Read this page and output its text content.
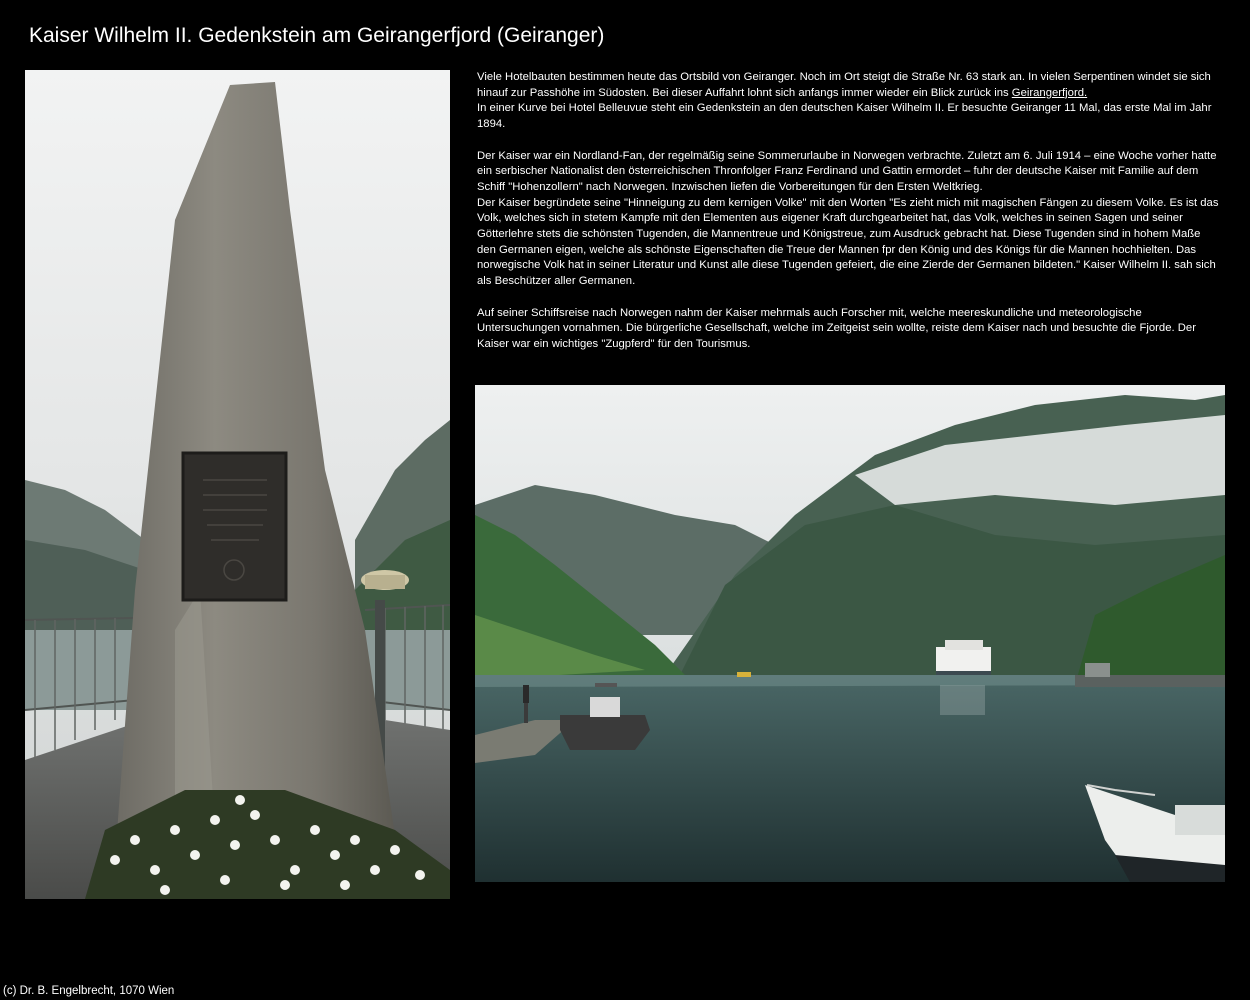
Kaiser Wilhelm II. Gedenkstein am Geirangerfjord (Geiranger)

Viele Hotelbauten bestimmen heute das Ortsbild von Geiranger. Noch im Ort steigt die Straße Nr. 63 stark an. In vielen Serpentinen windet sie sich hinauf zur Passhöhe im Südosten. Bei dieser Auffahrt lohnt sich anfangs immer wieder ein Blick zurück ins Geirangerfjord.

In einer Kurve bei Hotel Belleuvue steht ein Gedenkstein an den deutschen Kaiser Wilhelm II. Er besuchte Geiranger 11 Mal, das erste Mal im Jahr 1894.

Der Kaiser war ein Nordland-Fan, der regelmäßig seine Sommerurlaube in Norwegen verbrachte. Zuletzt am 6. Juli 1914 – eine Woche vorher hatte ein serbischer Nationalist den österreichischen Thronfolger Franz Ferdinand und Gattin ermordet – fuhr der deutsche Kaiser mit Familie auf dem Schiff "Hohenzollern" nach Norwegen. Inzwischen liefen die Vorbereitungen für den Ersten Weltkrieg.

Der Kaiser begründete seine "Hinneigung zu dem kernigen Volke" mit den Worten "Es zieht mich mit magischen Fängen zu diesem Volke. Es ist das Volk, welches sich in stetem Kampfe mit den Elementen aus eigener Kraft durchgearbeitet hat, das Volk, welches in seinen Sagen und seiner Götterlehre stets die schönsten Tugenden, die Mannentreue und Königstreue, zum Ausdruck gebracht hat. Diese Tugenden sind in hohem Maße den Germanen eigen, welche als schönste Eigenschaften die Treue der Mannen fpr den König und des Königs für die Mannen hochhielten. Das norwegische Volk hat in seiner Literatur und Kunst alle diese Tugenden gefeiert, die eine Zierde der Germanen bildeten." Kaiser Wilhelm II. sah sich als Beschützer aller Germanen.

Auf seiner Schiffsreise nach Norwegen nahm der Kaiser mehrmals auch Forscher mit, welche meereskundliche und meteorologische Untersuchungen vornahmen. Die bürgerliche Gesellschaft, welche im Zeitgeist sein wollte, reiste dem Kaiser nach und besuchte die Fjorde. Der Kaiser war ein wichtiges "Zugpferd" für den Tourismus.

(c) Dr. B. Engelbrecht, 1070 Wien
